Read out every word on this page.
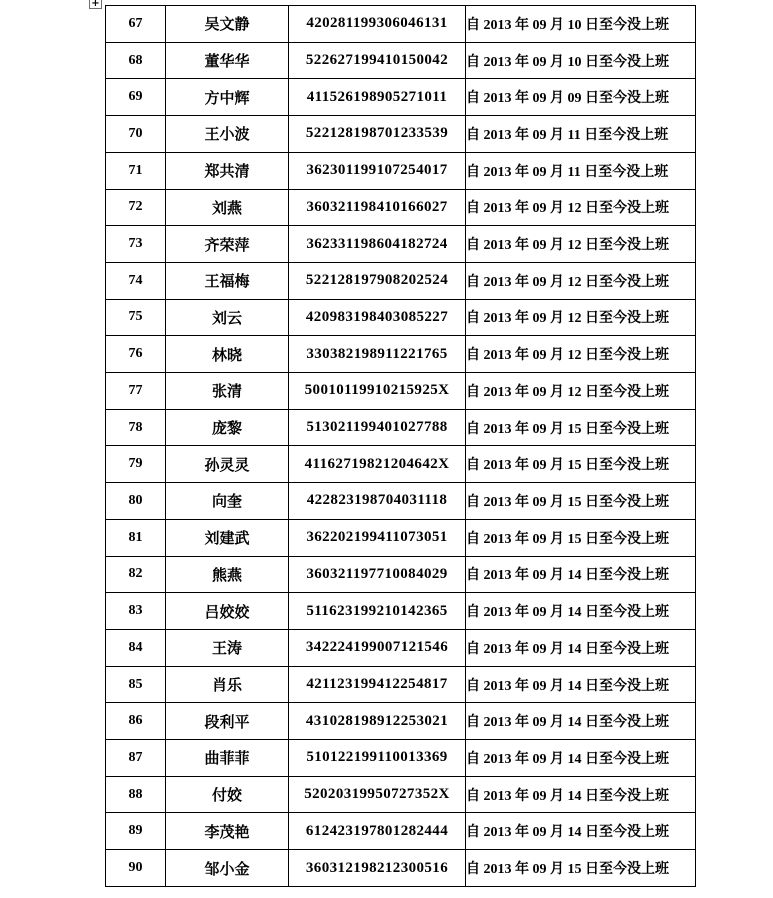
+
67	吴文静	420281199306046131	自 2013 年 09 月 10 日至今没上班
68	董华华	522627199410150042	自 2013 年 09 月 10 日至今没上班
69	方中辉	411526198905271011	自 2013 年 09 月 09 日至今没上班
70	王小波	522128198701233539	自 2013 年 09 月 11 日至今没上班
71	郑共清	362301199107254017	自 2013 年 09 月 11 日至今没上班
72	刘燕	360321198410166027	自 2013 年 09 月 12 日至今没上班
73	齐荣萍	362331198604182724	自 2013 年 09 月 12 日至今没上班
74	王福梅	522128197908202524	自 2013 年 09 月 12 日至今没上班
75	刘云	420983198403085227	自 2013 年 09 月 12 日至今没上班
76	林晓	330382198911221765	自 2013 年 09 月 12 日至今没上班
77	张清	50010119910215925X	自 2013 年 09 月 12 日至今没上班
78	庞黎	513021199401027788	自 2013 年 09 月 15 日至今没上班
79	孙灵灵	41162719821204642X	自 2013 年 09 月 15 日至今没上班
80	向奎	422823198704031118	自 2013 年 09 月 15 日至今没上班
81	刘建武	362202199411073051	自 2013 年 09 月 15 日至今没上班
82	熊燕	360321197710084029	自 2013 年 09 月 14 日至今没上班
83	吕姣姣	511623199210142365	自 2013 年 09 月 14 日至今没上班
84	王涛	342224199007121546	自 2013 年 09 月 14 日至今没上班
85	肖乐	421123199412254817	自 2013 年 09 月 14 日至今没上班
86	段利平	431028198912253021	自 2013 年 09 月 14 日至今没上班
87	曲菲菲	510122199110013369	自 2013 年 09 月 14 日至今没上班
88	付姣	52020319950727352X	自 2013 年 09 月 14 日至今没上班
89	李茂艳	612423197801282444	自 2013 年 09 月 14 日至今没上班
90	邹小金	360312198212300516	自 2013 年 09 月 15 日至今没上班
